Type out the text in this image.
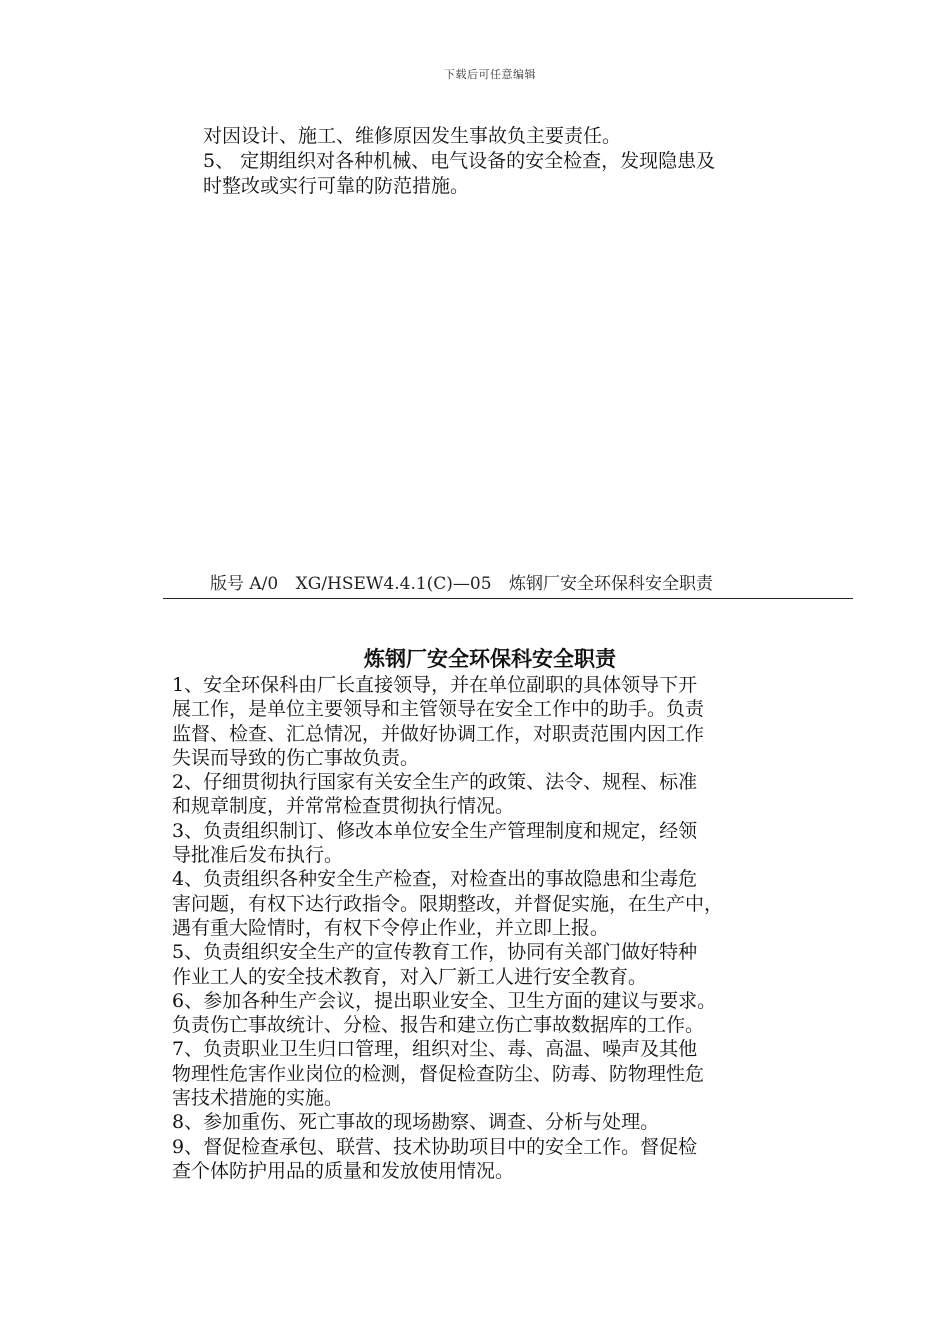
下载后可任意编辑
对因设计、施工、维修原因发生事故负主要责任。
5、 定期组织对各种机械、电气设备的安全检查，发现隐患及
时整改或实行可靠的防范措施。
版号 A/0 XG/HSEW4.4.1(C)—05 炼钢厂安全环保科安全职责
炼钢厂安全环保科安全职责
1、安全环保科由厂长直接领导，并在单位副职的具体领导下开
展工作，是单位主要领导和主管领导在安全工作中的助手。负责
监督、检查、汇总情况，并做好协调工作，对职责范围内因工作
失误而导致的伤亡事故负责。
2、仔细贯彻执行国家有关安全生产的政策、法令、规程、标准
和规章制度，并常常检查贯彻执行情况。
3、负责组织制订、修改本单位安全生产管理制度和规定，经领
导批准后发布执行。
4、负责组织各种安全生产检查，对检查出的事故隐患和尘毒危
害问题，有权下达行政指令。限期整改，并督促实施，在生产中，
遇有重大险情时，有权下令停止作业，并立即上报。
5、负责组织安全生产的宣传教育工作，协同有关部门做好特种
作业工人的安全技术教育，对入厂新工人进行安全教育。
6、参加各种生产会议，提出职业安全、卫生方面的建议与要求。
负责伤亡事故统计、分检、报告和建立伤亡事故数据库的工作。
7、负责职业卫生归口管理，组织对尘、毒、高温、噪声及其他
物理性危害作业岗位的检测，督促检查防尘、防毒、防物理性危
害技术措施的实施。
8、参加重伤、死亡事故的现场勘察、调查、分析与处理。
9、督促检查承包、联营、技术协助项目中的安全工作。督促检
查个体防护用品的质量和发放使用情况。
